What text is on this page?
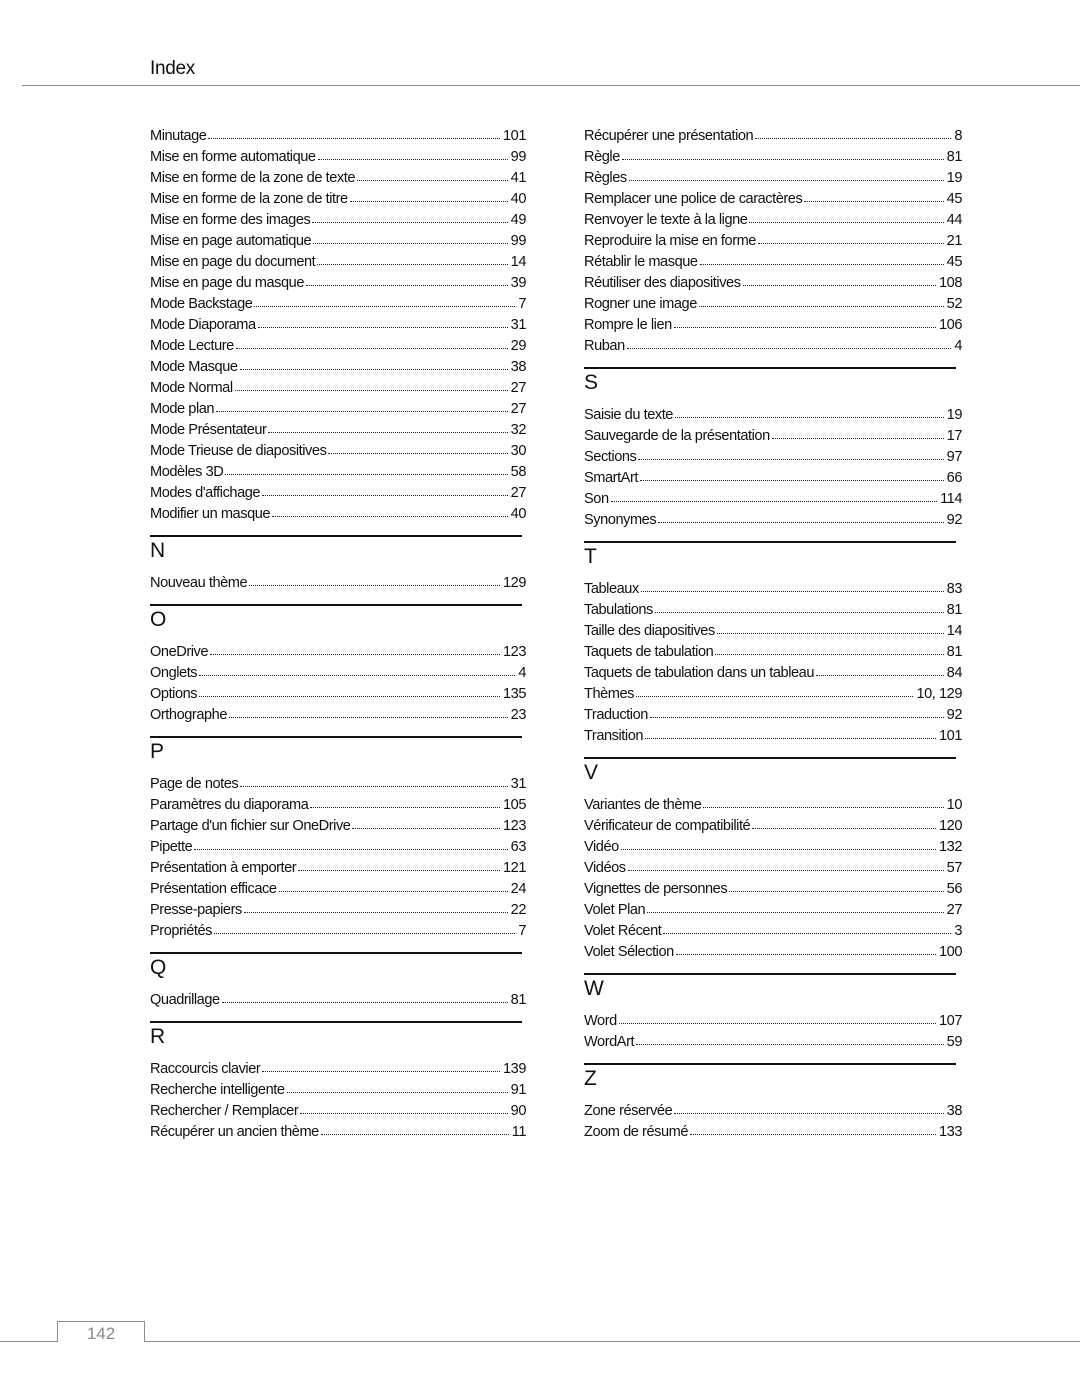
Index
Minutage	101
Mise en forme automatique	99
Mise en forme de la zone de texte	41
Mise en forme de la zone de titre	40
Mise en forme des images	49
Mise en page automatique	99
Mise en page du document	14
Mise en page du masque	39
Mode Backstage	7
Mode Diaporama	31
Mode Lecture	29
Mode Masque	38
Mode Normal	27
Mode plan	27
Mode Présentateur	32
Mode Trieuse de diapositives	30
Modèles 3D	58
Modes d'affichage	27
Modifier un masque	40
N
Nouveau thème	129
O
OneDrive	123
Onglets	4
Options	135
Orthographe	23
P
Page de notes	31
Paramètres du diaporama	105
Partage d'un fichier sur OneDrive	123
Pipette	63
Présentation à emporter	121
Présentation efficace	24
Presse-papiers	22
Propriétés	7
Q
Quadrillage	81
R
Raccourcis clavier	139
Recherche intelligente	91
Rechercher / Remplacer	90
Récupérer un ancien thème	11
Récupérer une présentation	8
Règle	81
Règles	19
Remplacer une police de caractères	45
Renvoyer le texte à la ligne	44
Reproduire la mise en forme	21
Rétablir le masque	45
Réutiliser des diapositives	108
Rogner une image	52
Rompre le lien	106
Ruban	4
S
Saisie du texte	19
Sauvegarde de la présentation	17
Sections	97
SmartArt	66
Son	114
Synonymes	92
T
Tableaux	83
Tabulations	81
Taille des diapositives	14
Taquets de tabulation	81
Taquets de tabulation dans un tableau	84
Thèmes	10, 129
Traduction	92
Transition	101
V
Variantes de thème	10
Vérificateur de compatibilité	120
Vidéo	132
Vidéos	57
Vignettes de personnes	56
Volet Plan	27
Volet Récent	3
Volet Sélection	100
W
Word	107
WordArt	59
Z
Zone réservée	38
Zoom de résumé	133
142
